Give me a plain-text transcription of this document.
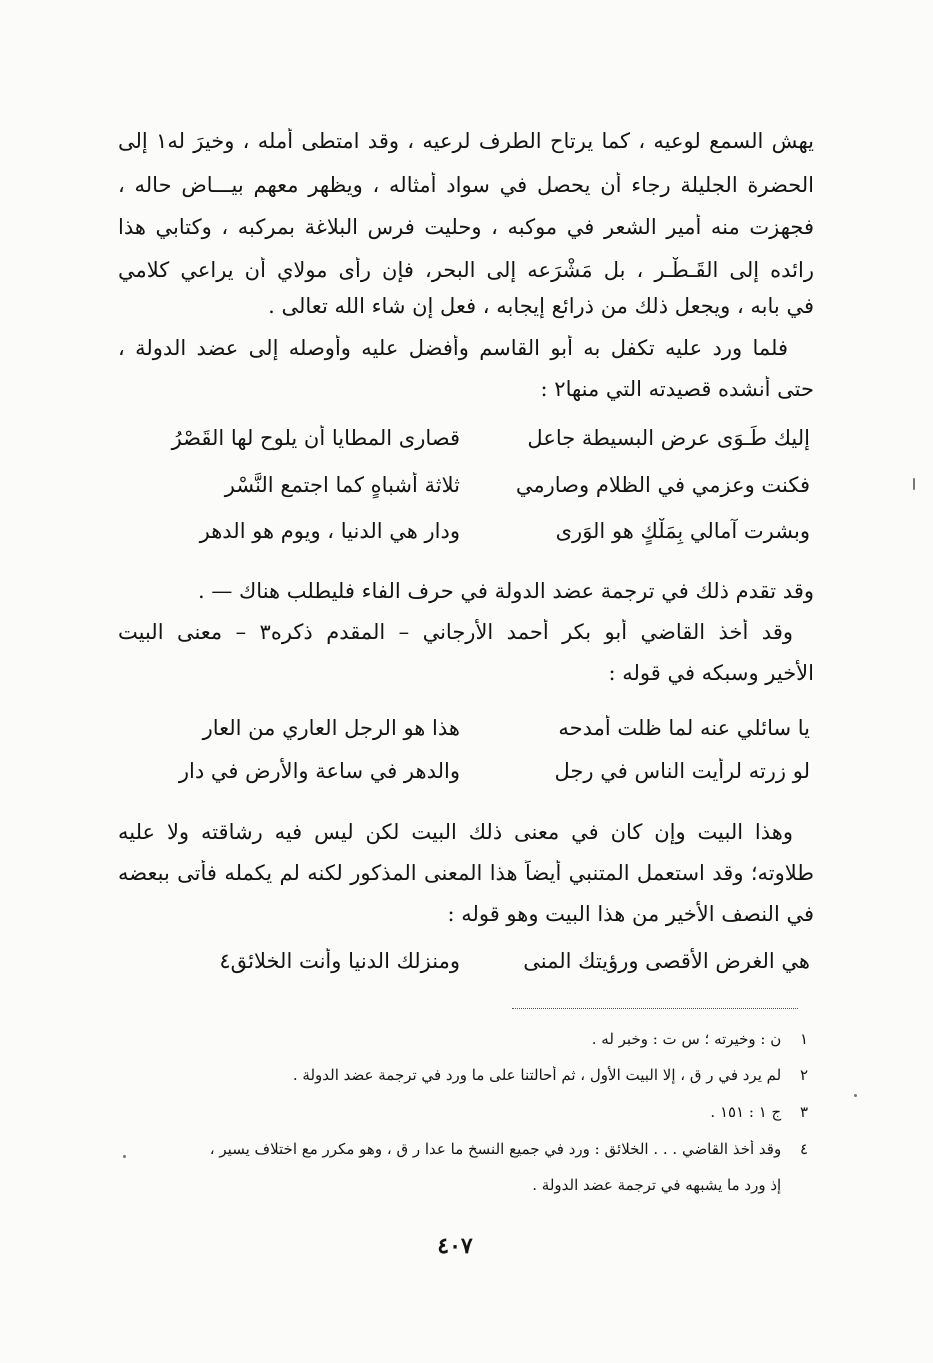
يهش السمع لوعيه ، كما يرتاح الطرف لرعيه ، وقد امتطى أمله ، وخيرَ له١ إلى
الحضرة الجليلة رجاء أن يحصل في سواد أمثاله ، ويظهر معهم بيـــاض حاله ،
فجهزت منه أمير الشعر في موكبه ، وحليت فرس البلاغة بمركبه ، وكتابي هذا
رائده إلى القَـطْـر ، بل مَشْرَعه إلى البحر، فإن رأى مولاي أن يراعي كلامي
في بابه ، ويجعل ذلك من ذرائع إيجابه ، فعل إن شاء الله تعالى .
فلما ورد عليه تكفل به أبو القاسم وأفضل عليه وأوصله إلى عضد الدولة ،
حتى أنشده قصيدته التي منها٢ :
إليك طَـوَى عرض البسيطة جاعل
قصارى المطايا أن يلوح لها القَصْرُ
فكنت وعزمي في الظلام وصارمي
ثلاثة أشباهٍ كما اجتمع النَّسْر
وبشرت آمالي بِمَلْكٍ هو الوَرى
ودار هي الدنيا ، ويوم هو الدهر
وقد تقدم ذلك في ترجمة عضد الدولة في حرف الفاء فليطلب هناك — .
وقد أخذ القاضي أبو بكر أحمد الأرجاني – المقدم ذكره٣ – معنى البيت
الأخير وسبكه في قوله :
يا سائلي عنه لما ظلت أمدحه
هذا هو الرجل العاري من العار
لو زرته لرأيت الناس في رجل
والدهر في ساعة والأرض في دار
وهذا البيت وإن كان في معنى ذلك البيت لكن ليس فيه رشاقته ولا عليه
طلاوته؛ وقد استعمل المتنبي أيضاً هذا المعنى المذكور لكنه لم يكمله فأتى ببعضه
في النصف الأخير من هذا البيت وهو قوله :
هي الغرض الأقصى ورؤيتك المنى
ومنزلك الدنيا وأنت الخلائق٤
١ ن : وخيرته ؛ س ت : وخبر له .
٢ لم يرد في ر ق ، إلا البيت الأول ، ثم أحالتنا على ما ورد في ترجمة عضد الدولة .
٣ ج ١ : ١٥١ .
٤ وقد أخذ القاضي . . . الخلائق : ورد في جميع النسخ ما عدا ر ق ، وهو مكرر مع اختلاف يسير ،
إذ ورد ما يشبهه في ترجمة عضد الدولة .
٤٠٧
